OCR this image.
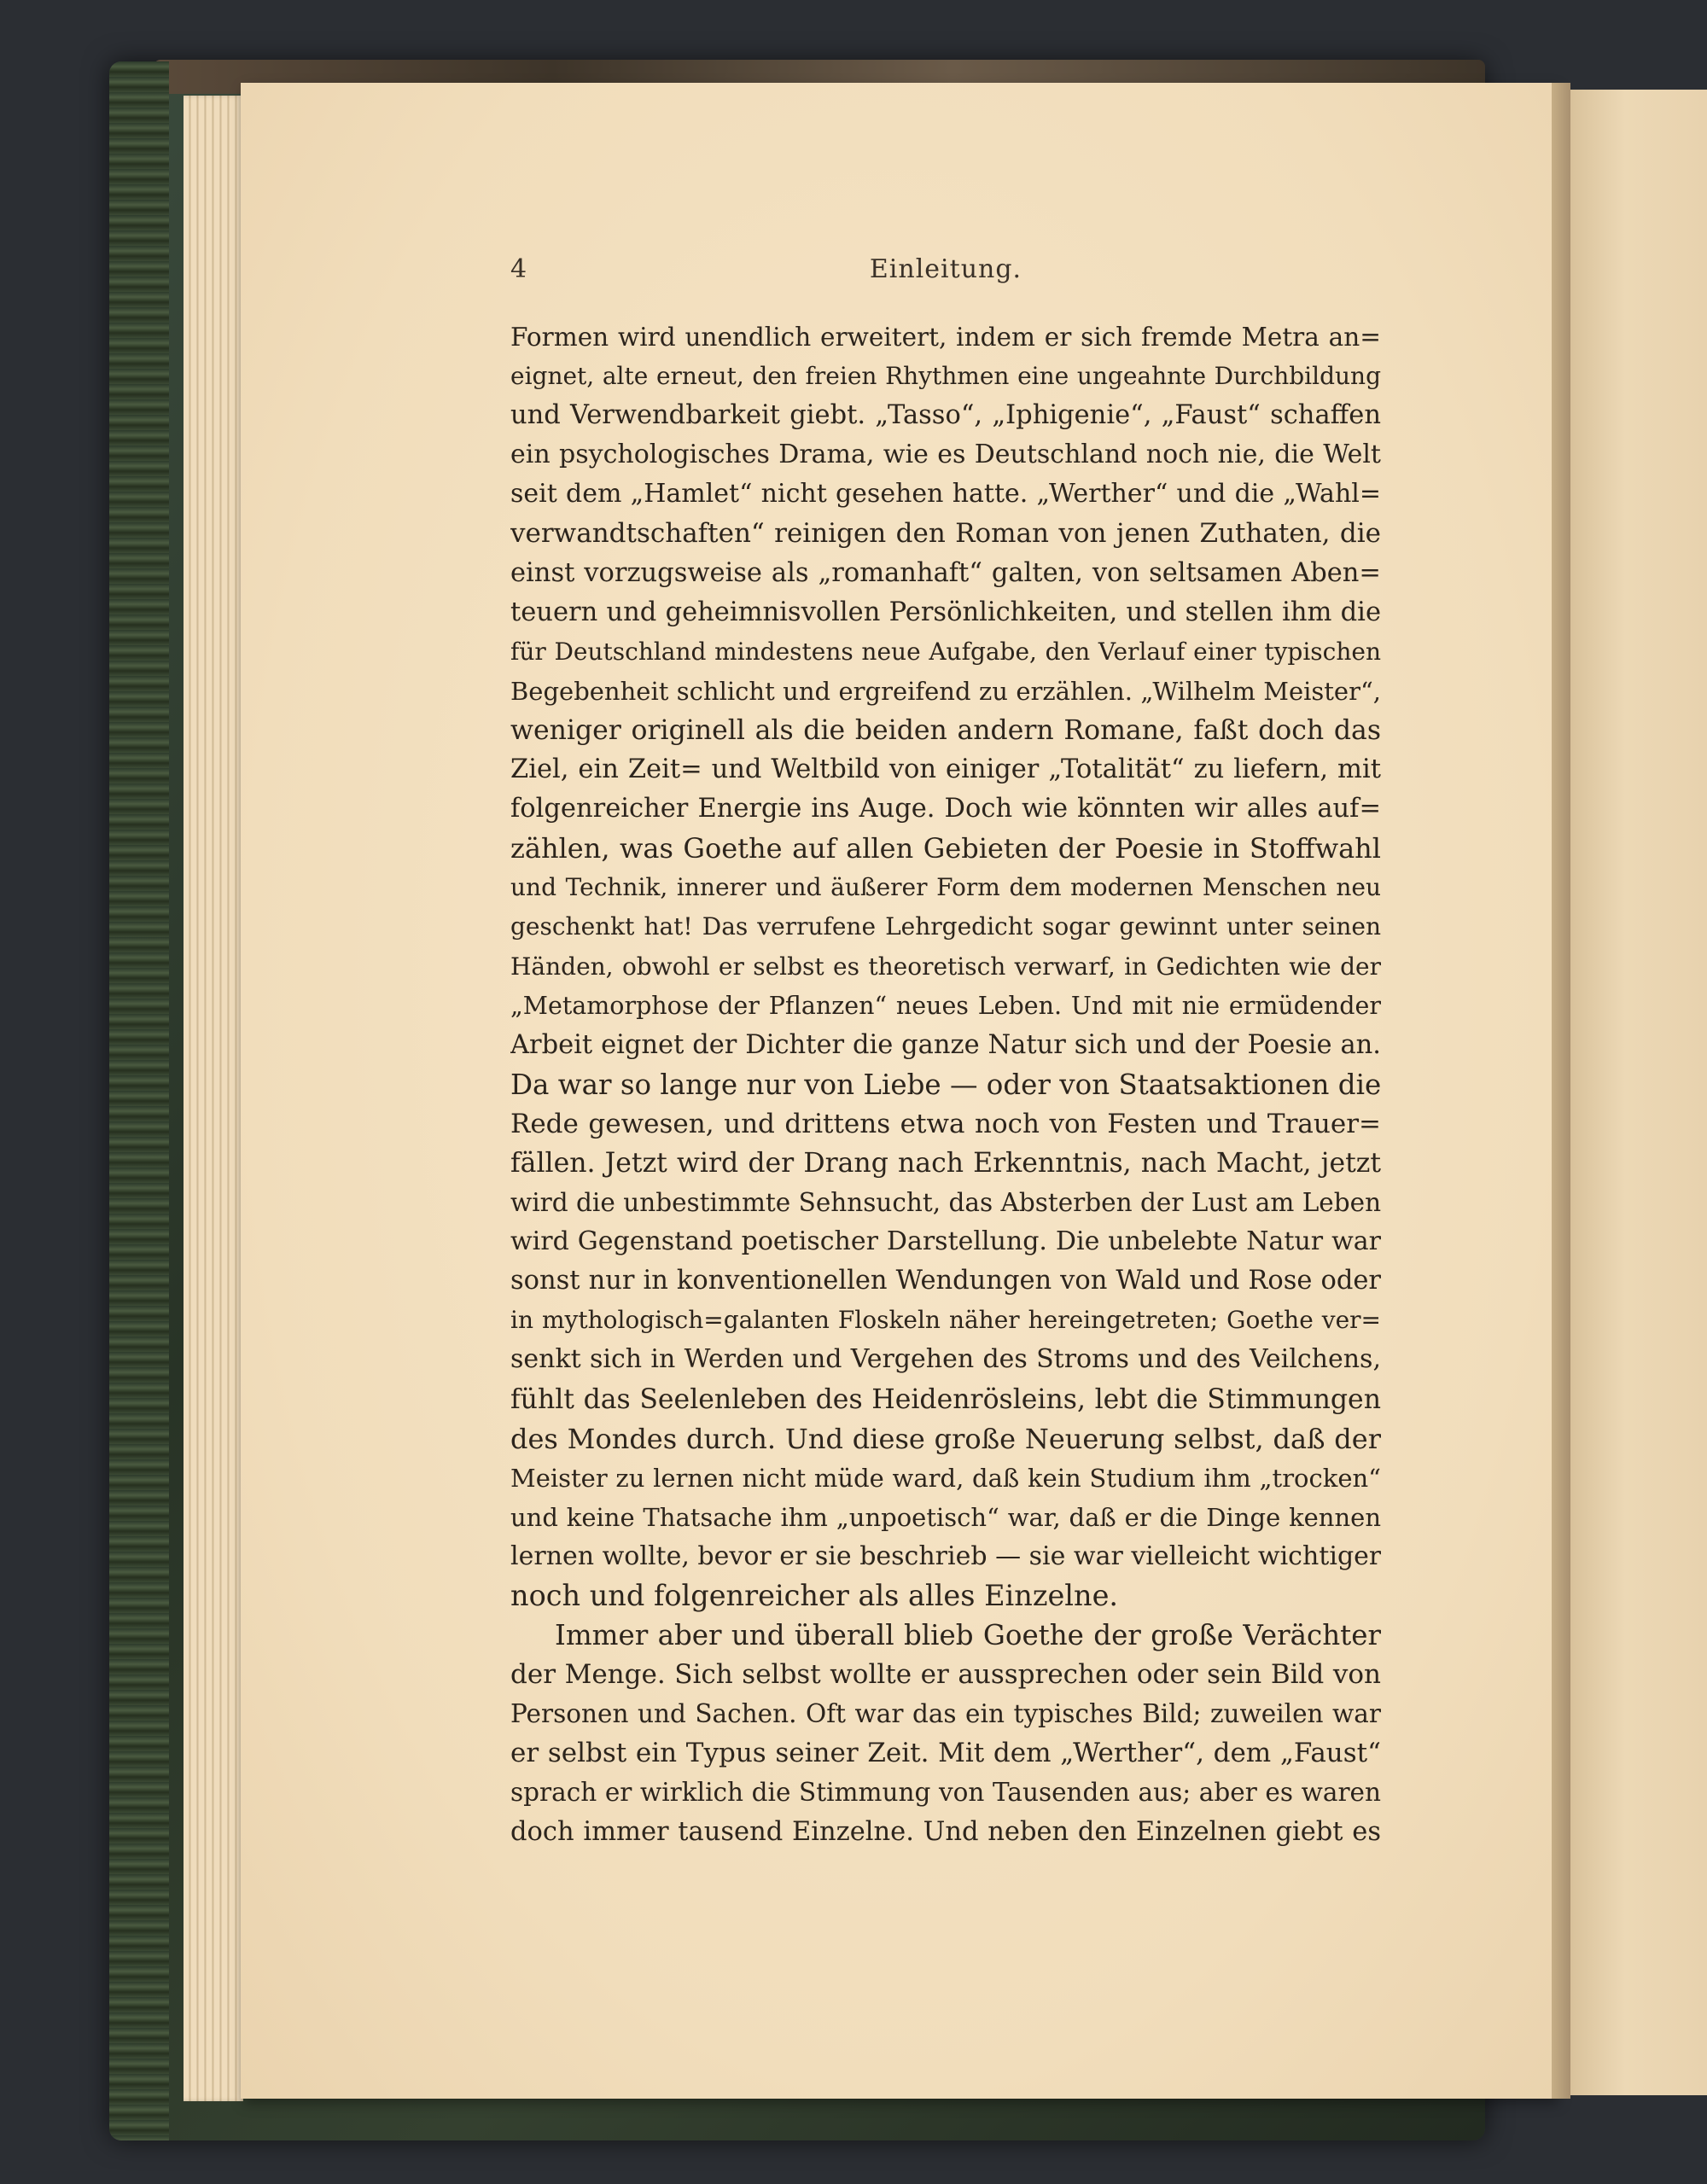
4	Einleitung.
Formen wird unendlich erweitert, indem er sich fremde Metra an=
eignet, alte erneut, den freien Rhythmen eine ungeahnte Durchbildung
und Verwendbarkeit giebt. „Tasso“, „Iphigenie“, „Faust“ schaffen
ein psychologisches Drama, wie es Deutschland noch nie, die Welt
seit dem „Hamlet“ nicht gesehen hatte. „Werther“ und die „Wahl=
verwandtschaften“ reinigen den Roman von jenen Zuthaten, die
einst vorzugsweise als „romanhaft“ galten, von seltsamen Aben=
teuern und geheimnisvollen Persönlichkeiten, und stellen ihm die
für Deutschland mindestens neue Aufgabe, den Verlauf einer typischen
Begebenheit schlicht und ergreifend zu erzählen. „Wilhelm Meister“,
weniger originell als die beiden andern Romane, faßt doch das
Ziel, ein Zeit= und Weltbild von einiger „Totalität“ zu liefern, mit
folgenreicher Energie ins Auge. Doch wie könnten wir alles auf=
zählen, was Goethe auf allen Gebieten der Poesie in Stoffwahl
und Technik, innerer und äußerer Form dem modernen Menschen neu
geschenkt hat! Das verrufene Lehrgedicht sogar gewinnt unter seinen
Händen, obwohl er selbst es theoretisch verwarf, in Gedichten wie der
„Metamorphose der Pflanzen“ neues Leben. Und mit nie ermüdender
Arbeit eignet der Dichter die ganze Natur sich und der Poesie an.
Da war so lange nur von Liebe — oder von Staatsaktionen die
Rede gewesen, und drittens etwa noch von Festen und Trauer=
fällen. Jetzt wird der Drang nach Erkenntnis, nach Macht, jetzt
wird die unbestimmte Sehnsucht, das Absterben der Lust am Leben
wird Gegenstand poetischer Darstellung. Die unbelebte Natur war
sonst nur in konventionellen Wendungen von Wald und Rose oder
in mythologisch=galanten Floskeln näher hereingetreten; Goethe ver=
senkt sich in Werden und Vergehen des Stroms und des Veilchens,
fühlt das Seelenleben des Heidenrösleins, lebt die Stimmungen
des Mondes durch. Und diese große Neuerung selbst, daß der
Meister zu lernen nicht müde ward, daß kein Studium ihm „trocken“
und keine Thatsache ihm „unpoetisch“ war, daß er die Dinge kennen
lernen wollte, bevor er sie beschrieb — sie war vielleicht wichtiger
noch und folgenreicher als alles Einzelne.
Immer aber und überall blieb Goethe der große Verächter
der Menge. Sich selbst wollte er aussprechen oder sein Bild von
Personen und Sachen. Oft war das ein typisches Bild; zuweilen war
er selbst ein Typus seiner Zeit. Mit dem „Werther“, dem „Faust“
sprach er wirklich die Stimmung von Tausenden aus; aber es waren
doch immer tausend Einzelne. Und neben den Einzelnen giebt es
